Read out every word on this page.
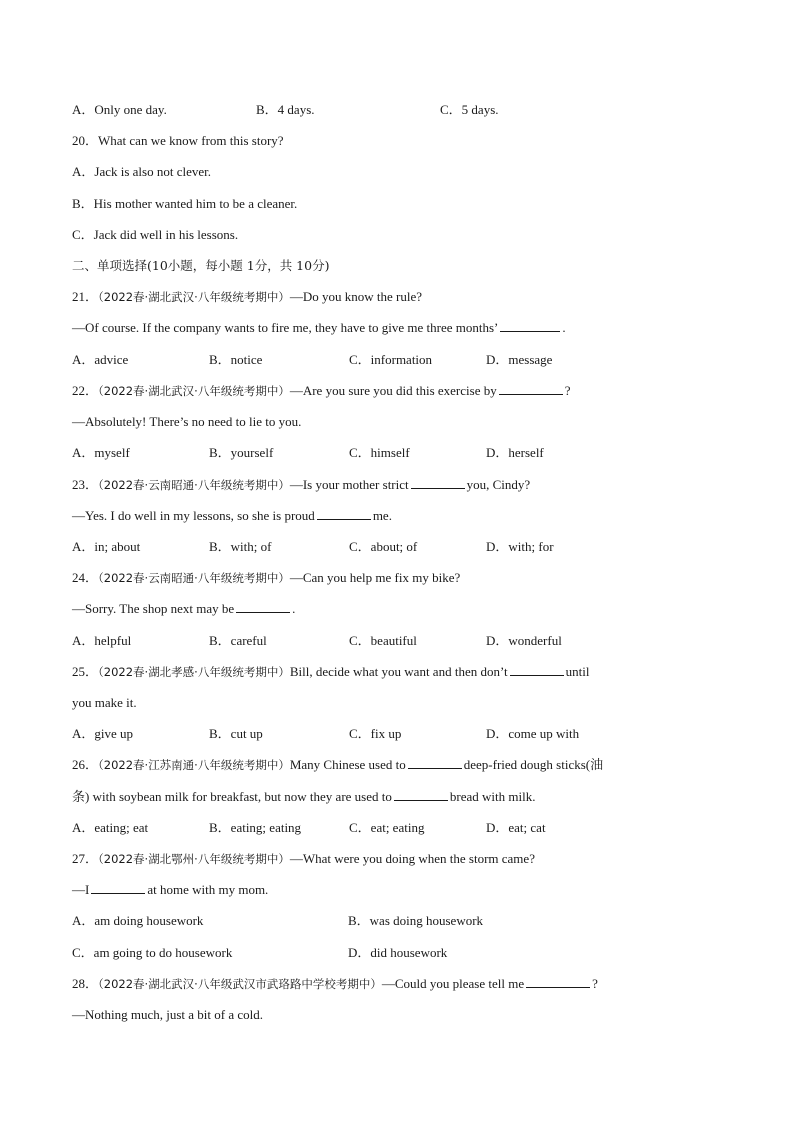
A．Only one day.	B．4 days.	C．5 days.
20．What can we know from this story?
A．Jack is also not clever.
B．His mother wanted him to be a cleaner.
C．Jack did well in his lessons.
二、单项选择(10小题，每小题 1分，共 10分)
21．（2022春·湖北武汉·八年级统考期中）—Do you know the rule?
—Of course. If the company wants to fire me, they have to give me three months’	.
A．advice	B．notice	C．information	D．message
22．（2022春·湖北武汉·八年级统考期中）—Are you sure you did this exercise by	?
—Absolutely! There’s no need to lie to you.
A．myself	B．yourself	C．himself	D．herself
23．（2022春·云南昭通·八年级统考期中）—Is your mother strict	you, Cindy?
—Yes. I do well in my lessons, so she is proud	me.
A．in; about	B．with; of	C．about; of	D．with; for
24．（2022春·云南昭通·八年级统考期中）—Can you help me fix my bike?
—Sorry. The shop next may be	.
A．helpful	B．careful	C．beautiful	D．wonderful
25．（2022春·湖北孝感·八年级统考期中）Bill, decide what you want and then don’t	until
you make it.
A．give up	B．cut up	C．fix up	D．come up with
26．（2022春·江苏南通·八年级统考期中）Many Chinese used to	deep-fried dough sticks(油
条) with soybean milk for breakfast, but now they are used to	bread with milk.
A．eating; eat	B．eating; eating	C．eat; eating	D．eat; cat
27．（2022春·湖北鄂州·八年级统考期中）—What were you doing when the storm came?
—I	at home with my mom.
A．am doing housework	B．was doing housework
C．am going to do housework	D．did housework
28．（2022春·湖北武汉·八年级武汉市武珞路中学校考期中）—Could you please tell me	?
—Nothing much, just a bit of a cold.
